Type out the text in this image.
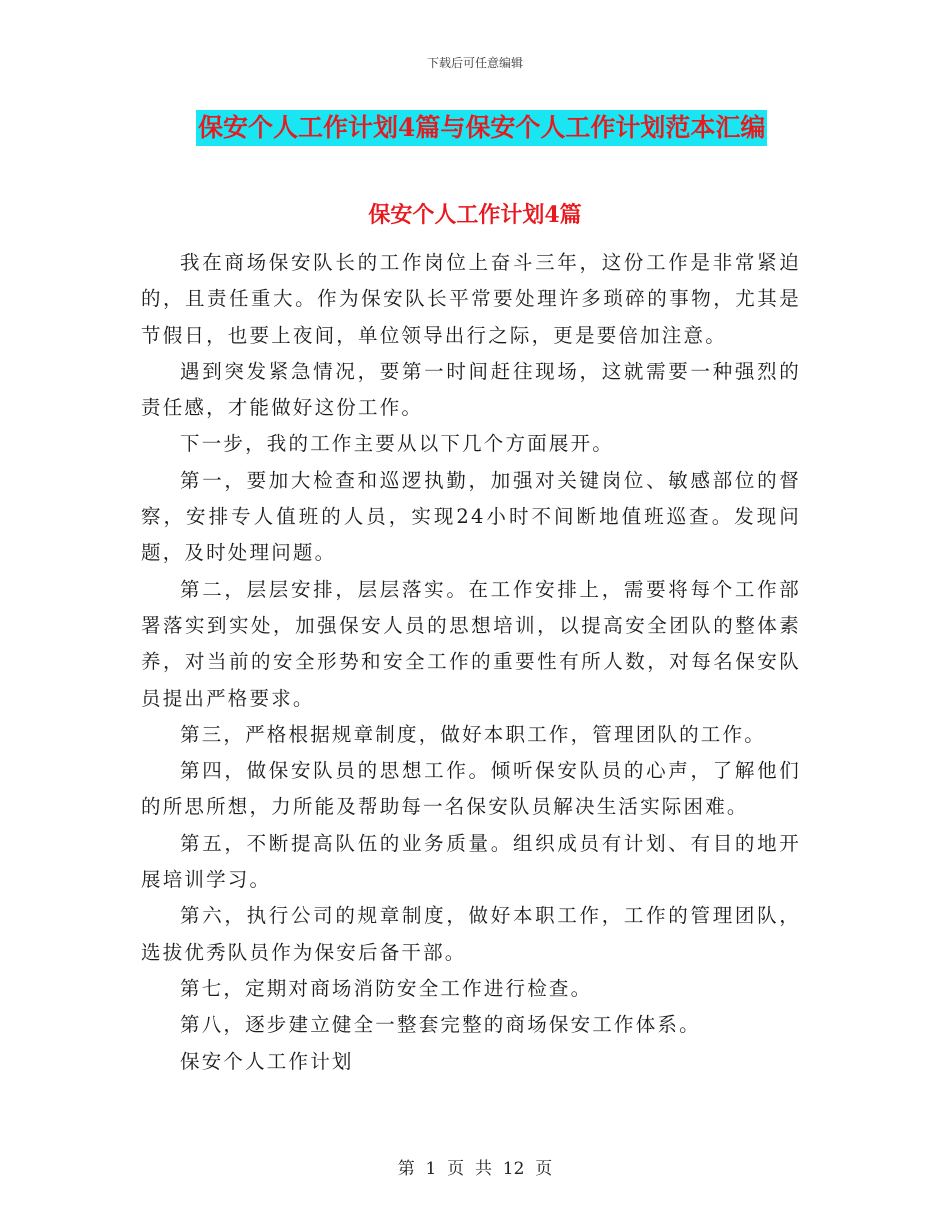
下载后可任意编辑
保安个人工作计划4篇与保安个人工作计划范本汇编
保安个人工作计划4篇

我在商场保安队长的工作岗位上奋斗三年，这份工作是非常紧迫的，且责任重大。作为保安队长平常要处理许多琐碎的事物，尤其是节假日，也要上夜间，单位领导出行之际，更是要倍加注意。

遇到突发紧急情况，要第一时间赶往现场，这就需要一种强烈的责任感，才能做好这份工作。

下一步，我的工作主要从以下几个方面展开。

第一，要加大检查和巡逻执勤，加强对关键岗位、敏感部位的督察，安排专人值班的人员，实现24小时不间断地值班巡查。发现问题，及时处理问题。

第二，层层安排，层层落实。在工作安排上，需要将每个工作部署落实到实处，加强保安人员的思想培训，以提高安全团队的整体素养，对当前的安全形势和安全工作的重要性有所人数，对每名保安队员提出严格要求。

第三，严格根据规章制度，做好本职工作，管理团队的工作。

第四，做保安队员的思想工作。倾听保安队员的心声，了解他们的所思所想，力所能及帮助每一名保安队员解决生活实际困难。

第五，不断提高队伍的业务质量。组织成员有计划、有目的地开展培训学习。

第六，执行公司的规章制度，做好本职工作，工作的管理团队，选拔优秀队员作为保安后备干部。

第七，定期对商场消防安全工作进行检查。

第八，逐步建立健全一整套完整的商场保安工作体系。

保安个人工作计划

第  1  页  共  12  页
